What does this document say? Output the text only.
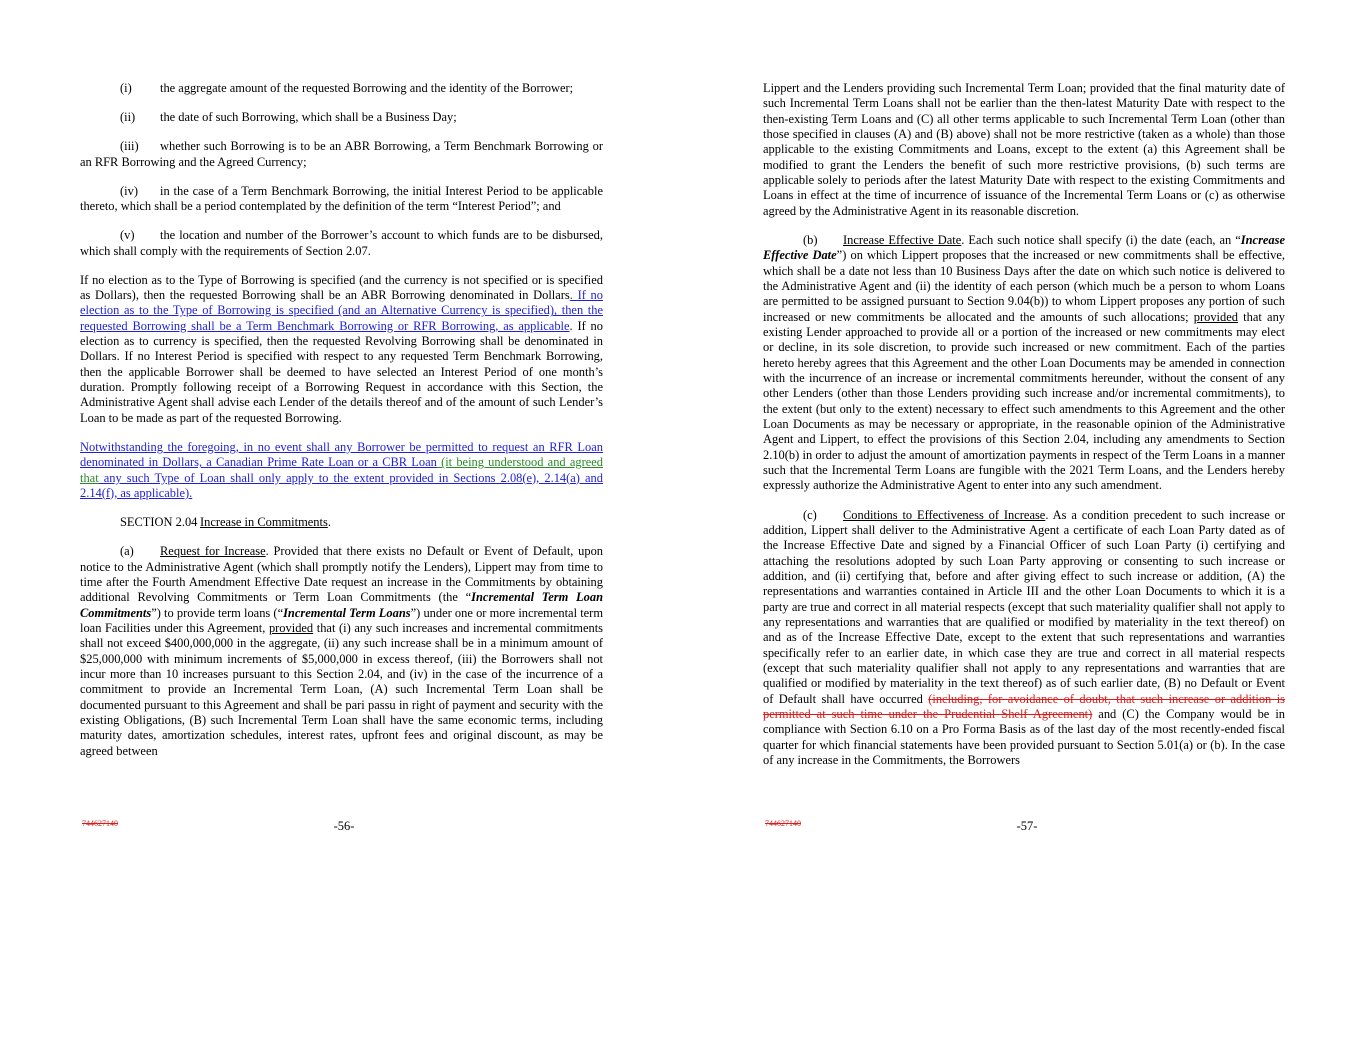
(i) the aggregate amount of the requested Borrowing and the identity of the Borrower;

(ii) the date of such Borrowing, which shall be a Business Day;

(iii) whether such Borrowing is to be an ABR Borrowing, a Term Benchmark Borrowing or an RFR Borrowing and the Agreed Currency;

(iv) in the case of a Term Benchmark Borrowing, the initial Interest Period to be applicable thereto, which shall be a period contemplated by the definition of the term “Interest Period”; and

(v) the location and number of the Borrower’s account to which funds are to be disbursed, which shall comply with the requirements of Section 2.07.

If no election as to the Type of Borrowing is specified (and the currency is not specified or is specified as Dollars), then the requested Borrowing shall be an ABR Borrowing denominated in Dollars. If no election as to the Type of Borrowing is specified (and an Alternative Currency is specified), then the requested Borrowing shall be a Term Benchmark Borrowing or RFR Borrowing, as applicable. If no election as to currency is specified, then the requested Revolving Borrowing shall be denominated in Dollars. If no Interest Period is specified with respect to any requested Term Benchmark Borrowing, then the applicable Borrower shall be deemed to have selected an Interest Period of one month’s duration. Promptly following receipt of a Borrowing Request in accordance with this Section, the Administrative Agent shall advise each Lender of the details thereof and of the amount of such Lender’s Loan to be made as part of the requested Borrowing.

Notwithstanding the foregoing, in no event shall any Borrower be permitted to request an RFR Loan denominated in Dollars, a Canadian Prime Rate Loan or a CBR Loan (it being understood and agreed that any such Type of Loan shall only apply to the extent provided in Sections 2.08(e), 2.14(a) and 2.14(f), as applicable).

SECTION 2.04 Increase in Commitments.

(a) Request for Increase. Provided that there exists no Default or Event of Default, upon notice to the Administrative Agent (which shall promptly notify the Lenders), Lippert may from time to time after the Fourth Amendment Effective Date request an increase in the Commitments by obtaining additional Revolving Commitments or Term Loan Commitments (the “Incremental Term Loan Commitments”) to provide term loans (“Incremental Term Loans”) under one or more incremental term loan Facilities under this Agreement, provided that (i) any such increases and incremental commitments shall not exceed $400,000,000 in the aggregate, (ii) any such increase shall be in a minimum amount of $25,000,000 with minimum increments of $5,000,000 in excess thereof, (iii) the Borrowers shall not incur more than 10 increases pursuant to this Section 2.04, and (iv) in the case of the incurrence of a commitment to provide an Incremental Term Loan, (A) such Incremental Term Loan shall be documented pursuant to this Agreement and shall be pari passu in right of payment and security with the existing Obligations, (B) such Incremental Term Loan shall have the same economic terms, including maturity dates, amortization schedules, interest rates, upfront fees and original discount, as may be agreed between

744627140	-56-

Lippert and the Lenders providing such Incremental Term Loan; provided that the final maturity date of such Incremental Term Loans shall not be earlier than the then-latest Maturity Date with respect to the then-existing Term Loans and (C) all other terms applicable to such Incremental Term Loan (other than those specified in clauses (A) and (B) above) shall not be more restrictive (taken as a whole) than those applicable to the existing Commitments and Loans, except to the extent (a) this Agreement shall be modified to grant the Lenders the benefit of such more restrictive provisions, (b) such terms are applicable solely to periods after the latest Maturity Date with respect to the existing Commitments and Loans in effect at the time of incurrence of issuance of the Incremental Term Loans or (c) as otherwise agreed by the Administrative Agent in its reasonable discretion.

(b) Increase Effective Date. Each such notice shall specify (i) the date (each, an “Increase Effective Date”) on which Lippert proposes that the increased or new commitments shall be effective, which shall be a date not less than 10 Business Days after the date on which such notice is delivered to the Administrative Agent and (ii) the identity of each person (which much be a person to whom Loans are permitted to be assigned pursuant to Section 9.04(b)) to whom Lippert proposes any portion of such increased or new commitments be allocated and the amounts of such allocations; provided that any existing Lender approached to provide all or a portion of the increased or new commitments may elect or decline, in its sole discretion, to provide such increased or new commitment. Each of the parties hereto hereby agrees that this Agreement and the other Loan Documents may be amended in connection with the incurrence of an increase or incremental commitments hereunder, without the consent of any other Lenders (other than those Lenders providing such increase and/or incremental commitments), to the extent (but only to the extent) necessary to effect such amendments to this Agreement and the other Loan Documents as may be necessary or appropriate, in the reasonable opinion of the Administrative Agent and Lippert, to effect the provisions of this Section 2.04, including any amendments to Section 2.10(b) in order to adjust the amount of amortization payments in respect of the Term Loans in a manner such that the Incremental Term Loans are fungible with the 2021 Term Loans, and the Lenders hereby expressly authorize the Administrative Agent to enter into any such amendment.

(c) Conditions to Effectiveness of Increase. As a condition precedent to such increase or addition, Lippert shall deliver to the Administrative Agent a certificate of each Loan Party dated as of the Increase Effective Date and signed by a Financial Officer of such Loan Party (i) certifying and attaching the resolutions adopted by such Loan Party approving or consenting to such increase or addition, and (ii) certifying that, before and after giving effect to such increase or addition, (A) the representations and warranties contained in Article III and the other Loan Documents to which it is a party are true and correct in all material respects (except that such materiality qualifier shall not apply to any representations and warranties that are qualified or modified by materiality in the text thereof) on and as of the Increase Effective Date, except to the extent that such representations and warranties specifically refer to an earlier date, in which case they are true and correct in all material respects (except that such materiality qualifier shall not apply to any representations and warranties that are qualified or modified by materiality in the text thereof) as of such earlier date, (B) no Default or Event of Default shall have occurred (including, for avoidance of doubt, that such increase or addition is permitted at such time under the Prudential Shelf Agreement) and (C) the Company would be in compliance with Section 6.10 on a Pro Forma Basis as of the last day of the most recently-ended fiscal quarter for which financial statements have been provided pursuant to Section 5.01(a) or (b). In the case of any increase in the Commitments, the Borrowers

744627140	-57-
